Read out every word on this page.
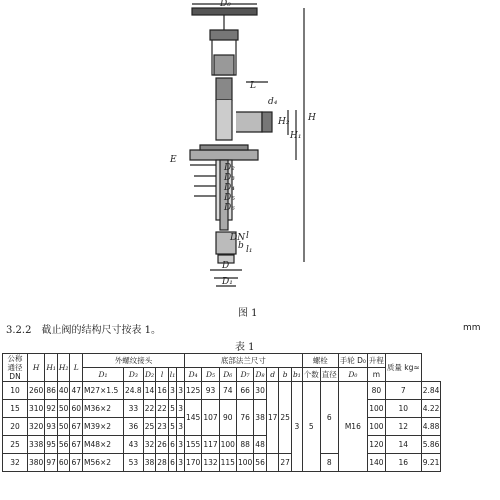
D₀
L
H₂
H₁
H
d₄
E
D₂
D₃
D₄
D₅
D₆
DN
D
D₁
b
l
l₁
图 1
3.2.2　截止阀的结构尺寸按表 1。	mm
表 1
公称通径 DN	H	H₁	H₂	L	外螺纹接头						底部法兰尺寸								螺栓		手轮 D₀	升程	质量 kg≈	
					D₁	D₃	D₂	l	l₁		D₄	D₅	D₆	D₇	D₈	d	b	b₁	个数	直径	D₀	m		
10	260	86	40	47	M27×1.5	24.8	14	16	3	3	125	93	74	66	30	17	25	3	5	6	M16	80	7	2.84
15	310	92	50	60	M36×2	33	22	22	5	3	145	107	90	76	38							100	10	4.22
20	320	93	50	67	M39×2	36	25	23	5	3												100	12	4.88
25	338	95	56	67	M48×2	43	32	26	6	3	155	117	100	88	48							120	14	5.86
32	380	97	60	67	M56×2	53	38	28	6	3	170	132	115	100	56		27			8		140	16	9.21
